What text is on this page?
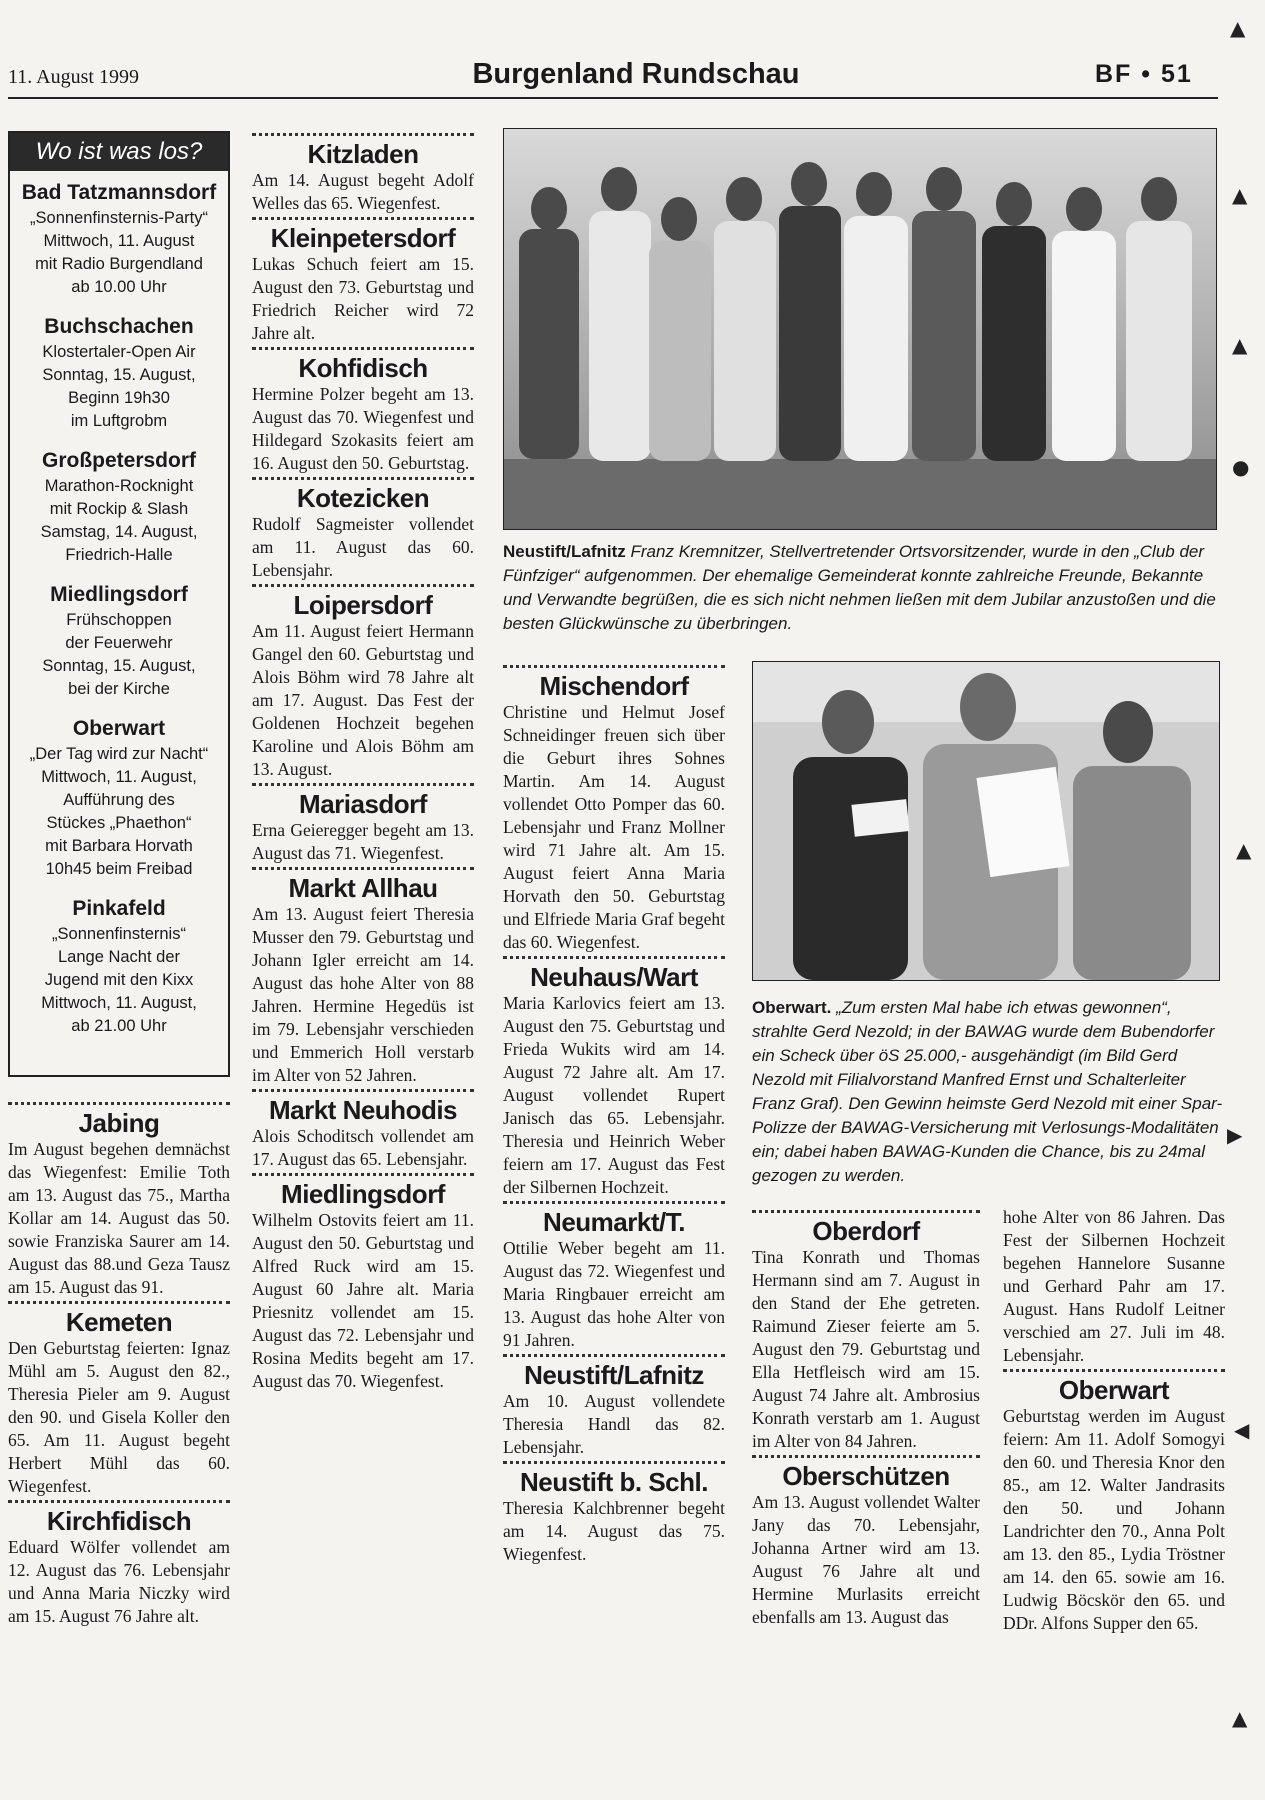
11. August 1999	Burgenland Rundschau	BF • 51
Wo ist was los?
Bad Tatzmannsdorf
„Sonnenfinsternis-Party“
Mittwoch, 11. August
mit Radio Burgendland
ab 10.00 Uhr
Buchschachen
Klostertaler-Open Air
Sonntag, 15. August,
Beginn 19h30
im Luftgrobm
Großpetersdorf
Marathon-Rocknight
mit Rockip & Slash
Samstag, 14. August,
Friedrich-Halle
Miedlingsdorf
Frühschoppen
der Feuerwehr
Sonntag, 15. August,
bei der Kirche
Oberwart
„Der Tag wird zur Nacht“
Mittwoch, 11. August,
Aufführung des
Stückes „Phaethon“
mit Barbara Horvath
10h45 beim Freibad
Pinkafeld
„Sonnenfinsternis“
Lange Nacht der
Jugend mit den Kixx
Mittwoch, 11. August,
ab 21.00 Uhr
Jabing

Im August begehen demnächst das Wiegenfest: Emilie Toth am 13. August das 75., Martha Kollar am 14. August das 50. sowie Franziska Saurer am 14. August das 88.und Geza Tausz am 15. August das 91.

Kemeten

Den Geburtstag feierten: Ignaz Mühl am 5. August den 82., Theresia Pieler am 9. August den 90. und Gisela Koller den 65. Am 11. August begeht Herbert Mühl das 60. Wiegenfest.

Kirchfidisch

Eduard Wölfer vollendet am 12. August das 76. Lebensjahr und Anna Maria Niczky wird am 15. August 76 Jahre alt.

Kitzladen

Am 14. August begeht Adolf Welles das 65. Wiegenfest.

Kleinpetersdorf

Lukas Schuch feiert am 15. August den 73. Geburtstag und Friedrich Reicher wird 72 Jahre alt.

Kohfidisch

Hermine Polzer begeht am 13. August das 70. Wiegenfest und Hildegard Szokasits feiert am 16. August den 50. Geburtstag.

Kotezicken

Rudolf Sagmeister vollendet am 11. August das 60. Lebensjahr.

Loipersdorf

Am 11. August feiert Hermann Gangel den 60. Geburtstag und Alois Böhm wird 78 Jahre alt am 17. August. Das Fest der Goldenen Hochzeit begehen Karoline und Alois Böhm am 13. August.

Mariasdorf

Erna Geieregger begeht am 13. August das 71. Wiegenfest.

Markt Allhau

Am 13. August feiert Theresia Musser den 79. Geburtstag und Johann Igler erreicht am 14. August das hohe Alter von 88 Jahren. Hermine Hegedüs ist im 79. Lebensjahr verschieden und Emmerich Holl verstarb im Alter von 52 Jahren.

Markt Neuhodis

Alois Schoditsch vollendet am 17. August das 65. Lebensjahr.

Miedlingsdorf

Wilhelm Ostovits feiert am 11. August den 50. Geburtstag und Alfred Ruck wird am 15. August 60 Jahre alt. Maria Priesnitz vollendet am 15. August das 72. Lebensjahr und Rosina Medits begeht am 17. August das 70. Wiegenfest.

Neustift/Lafnitz Franz Kremnitzer, Stellvertretender Ortsvorsitzender, wurde in den „Club der Fünfziger“ aufgenommen. Der ehemalige Gemeinderat konnte zahlreiche Freunde, Bekannte und Verwandte begrüßen, die es sich nicht nehmen ließen mit dem Jubilar anzustoßen und die besten Glückwünsche zu überbringen.
Mischendorf

Christine und Helmut Josef Schneidinger freuen sich über die Geburt ihres Sohnes Martin. Am 14. August vollendet Otto Pomper das 60. Lebensjahr und Franz Mollner wird 71 Jahre alt. Am 15. August feiert Anna Maria Horvath den 50. Geburtstag und Elfriede Maria Graf begeht das 60. Wiegenfest.

Neuhaus/Wart

Maria Karlovics feiert am 13. August den 75. Geburtstag und Frieda Wukits wird am 14. August 72 Jahre alt. Am 17. August vollendet Rupert Janisch das 65. Lebensjahr. Theresia und Heinrich Weber feiern am 17. August das Fest der Silbernen Hochzeit.

Neumarkt/T.

Ottilie Weber begeht am 11. August das 72. Wiegenfest und Maria Ringbauer erreicht am 13. August das hohe Alter von 91 Jahren.

Neustift/Lafnitz

Am 10. August vollendete Theresia Handl das 82. Lebensjahr.

Neustift b. Schl.

Theresia Kalchbrenner begeht am 14. August das 75. Wiegenfest.

Oberwart. „Zum ersten Mal habe ich etwas gewonnen“, strahlte Gerd Nezold; in der BAWAG wurde dem Bubendorfer ein Scheck über öS 25.000,- ausgehändigt (im Bild Gerd Nezold mit Filialvorstand Manfred Ernst und Schalterleiter Franz Graf). Den Gewinn heimste Gerd Nezold mit einer Spar-Polizze der BAWAG-Versicherung mit Verlosungs-Modalitäten ein; dabei haben BAWAG-Kunden die Chance, bis zu 24mal gezogen zu werden.
Oberdorf

Tina Konrath und Thomas Hermann sind am 7. August in den Stand der Ehe getreten. Raimund Zieser feierte am 5. August den 79. Geburtstag und Ella Hetfleisch wird am 15. August 74 Jahre alt. Ambrosius Konrath verstarb am 1. August im Alter von 84 Jahren.

Oberschützen

Am 13. August vollendet Walter Jany das 70. Lebensjahr, Johanna Artner wird am 13. August 76 Jahre alt und Hermine Murlasits erreicht ebenfalls am 13. August das

hohe Alter von 86 Jahren. Das Fest der Silbernen Hochzeit begehen Hannelore Susanne und Gerhard Pahr am 17. August. Hans Rudolf Leitner verschied am 27. Juli im 48. Lebensjahr.

Oberwart

Geburtstag werden im August feiern: Am 11. Adolf Somogyi den 60. und Theresia Knor den 85., am 12. Walter Jandrasits den 50. und Johann Landrichter den 70., Anna Polt am 13. den 85., Lydia Tröstner am 14. den 65. sowie am 16. Ludwig Böcskör den 65. und DDr. Alfons Supper den 65.

▲
▲
▲
●
▲
▶
◀
▲
